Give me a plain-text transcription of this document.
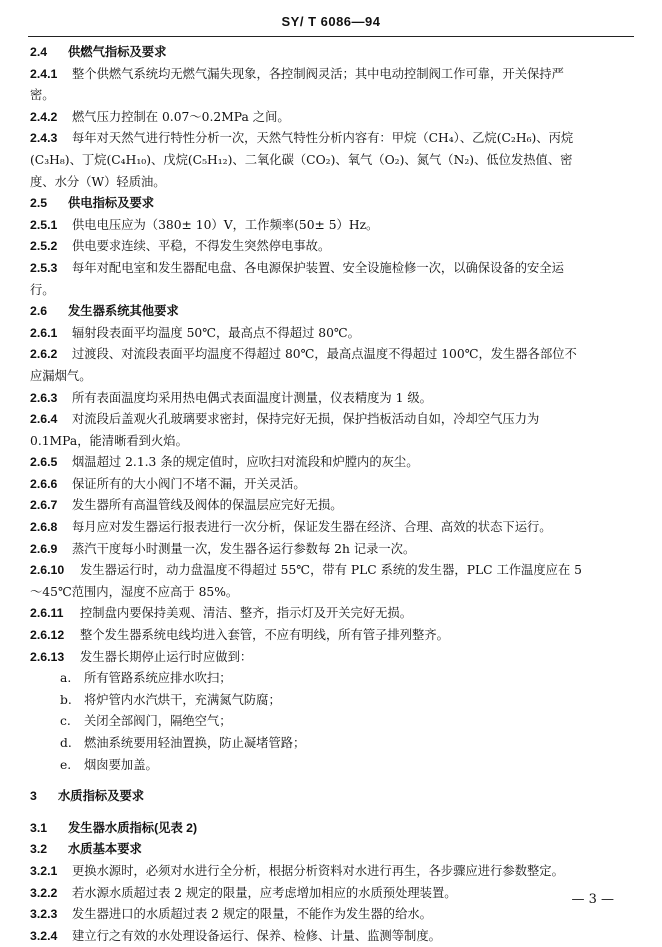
SY/ T 6086—94
2.4 供燃气指标及要求
2.4.1 整个供燃气系统均无燃气漏失现象，各控制阀灵活；其中电动控制阀工作可靠，开关保持严
密。
2.4.2 燃气压力控制在 0.07～0.2MPa 之间。
2.4.3 每年对天然气进行特性分析一次，天然气特性分析内容有：甲烷（CH₄）、乙烷(C₂H₆)、丙烷
(C₃H₈)、丁烷(C₄H₁₀)、戊烷(C₅H₁₂)、二氧化碳（CO₂)、氧气（O₂)、氮气（N₂)、低位发热值、密
度、水分（W）轻质油。
2.5 供电指标及要求
2.5.1 供电电压应为（380± 10）V，工作频率(50± 5）Hz。
2.5.2 供电要求连续、平稳，不得发生突然停电事故。
2.5.3 每年对配电室和发生器配电盘、各电源保护装置、安全设施检修一次，以确保设备的安全运
行。
2.6 发生器系统其他要求
2.6.1 辐射段表面平均温度 50℃，最高点不得超过 80℃。
2.6.2 过渡段、对流段表面平均温度不得超过 80℃，最高点温度不得超过 100℃，发生器各部位不
应漏烟气。
2.6.3 所有表面温度均采用热电偶式表面温度计测量，仪表精度为 1 级。
2.6.4 对流段后盖观火孔玻璃要求密封，保持完好无损，保护挡板活动自如，冷却空气压力为
0.1MPa，能清晰看到火焰。
2.6.5 烟温超过 2.1.3 条的规定值时，应吹扫对流段和炉膛内的灰尘。
2.6.6 保证所有的大小阀门不堵不漏，开关灵活。
2.6.7 发生器所有高温管线及阀体的保温层应完好无损。
2.6.8 每月应对发生器运行报表进行一次分析，保证发生器在经济、合理、高效的状态下运行。
2.6.9 蒸汽干度每小时测量一次，发生器各运行参数每 2h 记录一次。
2.6.10 发生器运行时，动力盘温度不得超过 55℃，带有 PLC 系统的发生器，PLC 工作温度应在 5
～45℃范围内，湿度不应高于 85%。
2.6.11 控制盘内要保持美观、清洁、整齐，指示灯及开关完好无损。
2.6.12 整个发生器系统电线均进入套管，不应有明线，所有管子排列整齐。
2.6.13 发生器长期停止运行时应做到：
a. 所有管路系统应排水吹扫；
b. 将炉管内水汽烘干，充满氮气防腐；
c. 关闭全部阀门，隔绝空气；
d. 燃油系统要用轻油置换，防止凝堵管路；
e. 烟囱要加盖。
3 水质指标及要求
3.1 发生器水质指标(见表 2)
3.2 水质基本要求
3.2.1 更换水源时，必须对水进行全分析，根据分析资料对水进行再生，各步骤应进行参数整定。
3.2.2 若水源水质超过表 2 规定的限量，应考虑增加相应的水质预处理装置。
3.2.3 发生器进口的水质超过表 2 规定的限量，不能作为发生器的给水。
3.2.4 建立行之有效的水处理设备运行、保养、检修、计量、监测等制度。
— 3 —
